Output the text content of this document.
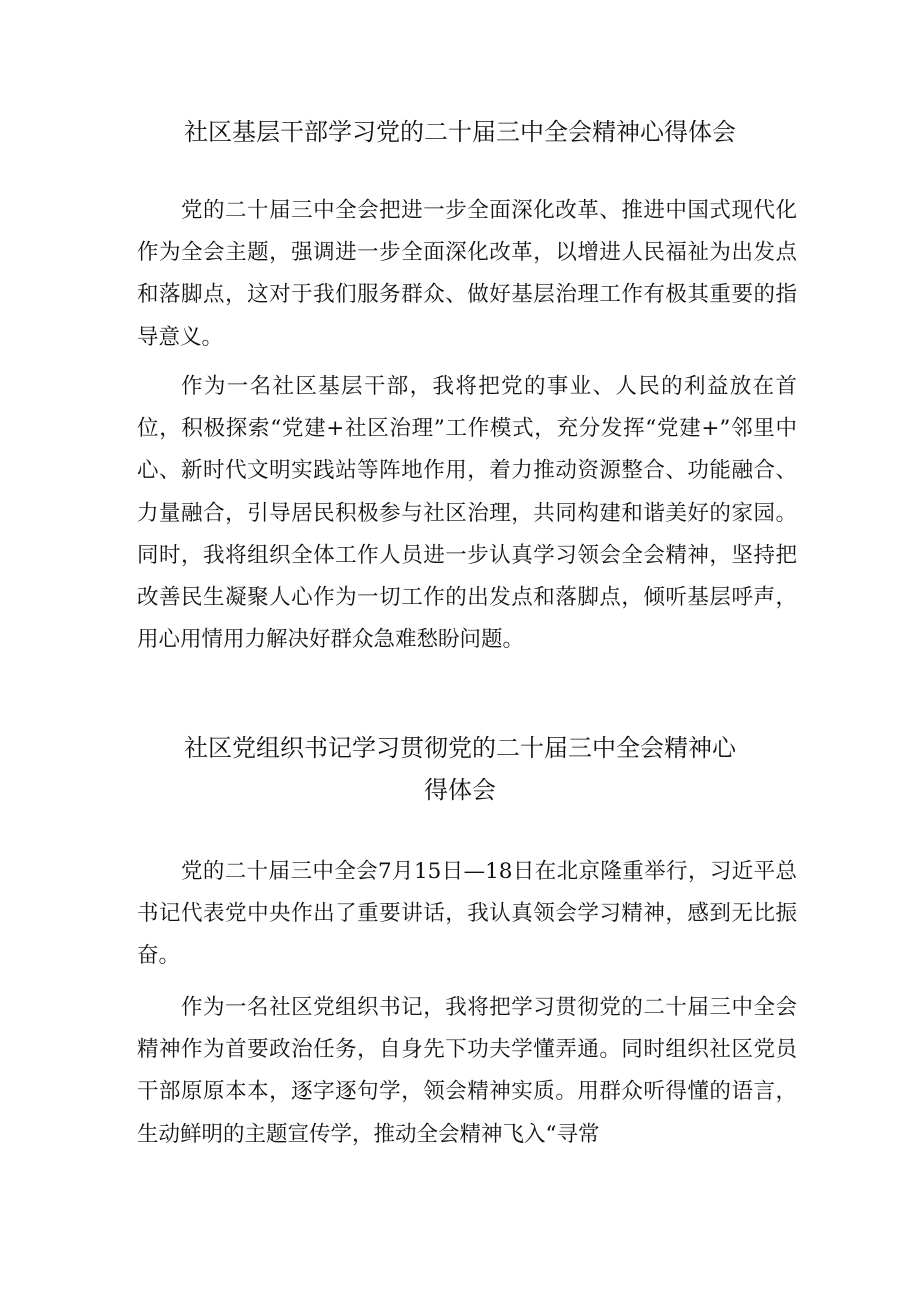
社区基层干部学习党的二十届三中全会精神心得体会

党的二十届三中全会把进一步全面深化改革、推进中国式现代化作为全会主题，强调进一步全面深化改革，以增进人民福祉为出发点和落脚点，这对于我们服务群众、做好基层治理工作有极其重要的指导意义。

作为一名社区基层干部，我将把党的事业、人民的利益放在首位，积极探索“党建+社区治理”工作模式，充分发挥“党建+”邻里中心、新时代文明实践站等阵地作用，着力推动资源整合、功能融合、力量融合，引导居民积极参与社区治理，共同构建和谐美好的家园。同时，我将组织全体工作人员进一步认真学习领会全会精神，坚持把改善民生凝聚人心作为一切工作的出发点和落脚点，倾听基层呼声，用心用情用力解决好群众急难愁盼问题。

社区党组织书记学习贯彻党的二十届三中全会精神心
得体会

党的二十届三中全会7月15日—18日在北京隆重举行，习近平总书记代表党中央作出了重要讲话，我认真领会学习精神，感到无比振奋。

作为一名社区党组织书记，我将把学习贯彻党的二十届三中全会精神作为首要政治任务，自身先下功夫学懂弄通。同时组织社区党员干部原原本本，逐字逐句学，领会精神实质。用群众听得懂的语言，生动鲜明的主题宣传学，推动全会精神飞入“寻常
